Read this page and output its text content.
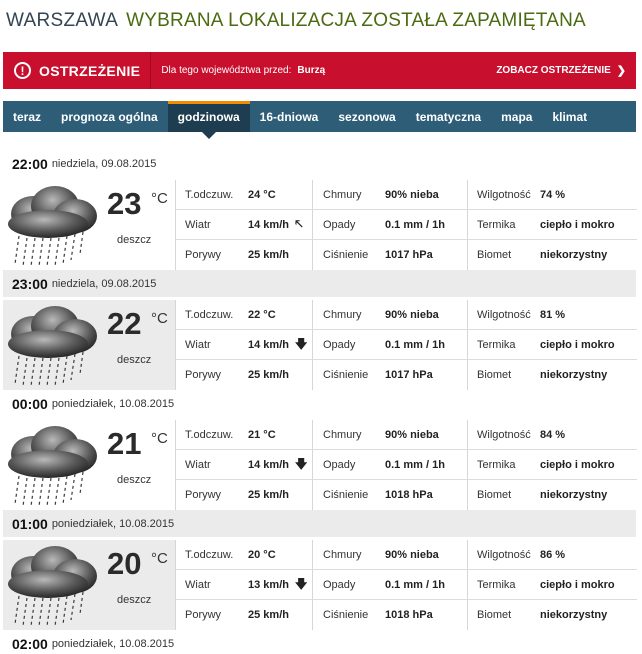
WARSZAWA WYBRANA LOKALIZACJA ZOSTAŁA ZAPAMIĘTANA
!	OSTRZEŻENIE Dla tego województwa przed: Burzą	ZOBACZ OSTRZEŻENIE ❯
teraz	prognoza ogólna	godzinowa	16-dniowa	sezonowa	tematyczna	mapa	klimat
22:00 niedziela, 09.08.2015
23 °C
deszcz
T.odczuw. 24 °C	Chmury 90% nieba	Wilgotność 74 %
Wiatr	14 km/h 🡔 Opady	0.1 mm / 1h	Termika ciepło i mokro
Porywy 25 km/h	Ciśnienie 1017 hPa	Biomet	niekorzystny
23:00 niedziela, 09.08.2015
22 °C
deszcz
T.odczuw. 22 °C	Chmury 90% nieba	Wilgotność 81 %
Wiatr	14 km/h 🡇 Opady	0.1 mm / 1h	Termika ciepło i mokro
Porywy 25 km/h	Ciśnienie 1017 hPa	Biomet	niekorzystny
00:00 poniedziałek, 10.08.2015
21 °C
deszcz
T.odczuw. 21 °C	Chmury 90% nieba	Wilgotność 84 %
Wiatr	14 km/h 🡇 Opady	0.1 mm / 1h	Termika ciepło i mokro
Porywy 25 km/h	Ciśnienie 1018 hPa	Biomet	niekorzystny
01:00 poniedziałek, 10.08.2015
20 °C
deszcz
T.odczuw. 20 °C	Chmury 90% nieba	Wilgotność 86 %
Wiatr	13 km/h 🡇 Opady	0.1 mm / 1h	Termika ciepło i mokro
Porywy 25 km/h	Ciśnienie 1018 hPa	Biomet	niekorzystny
02:00 poniedziałek, 10.08.2015
